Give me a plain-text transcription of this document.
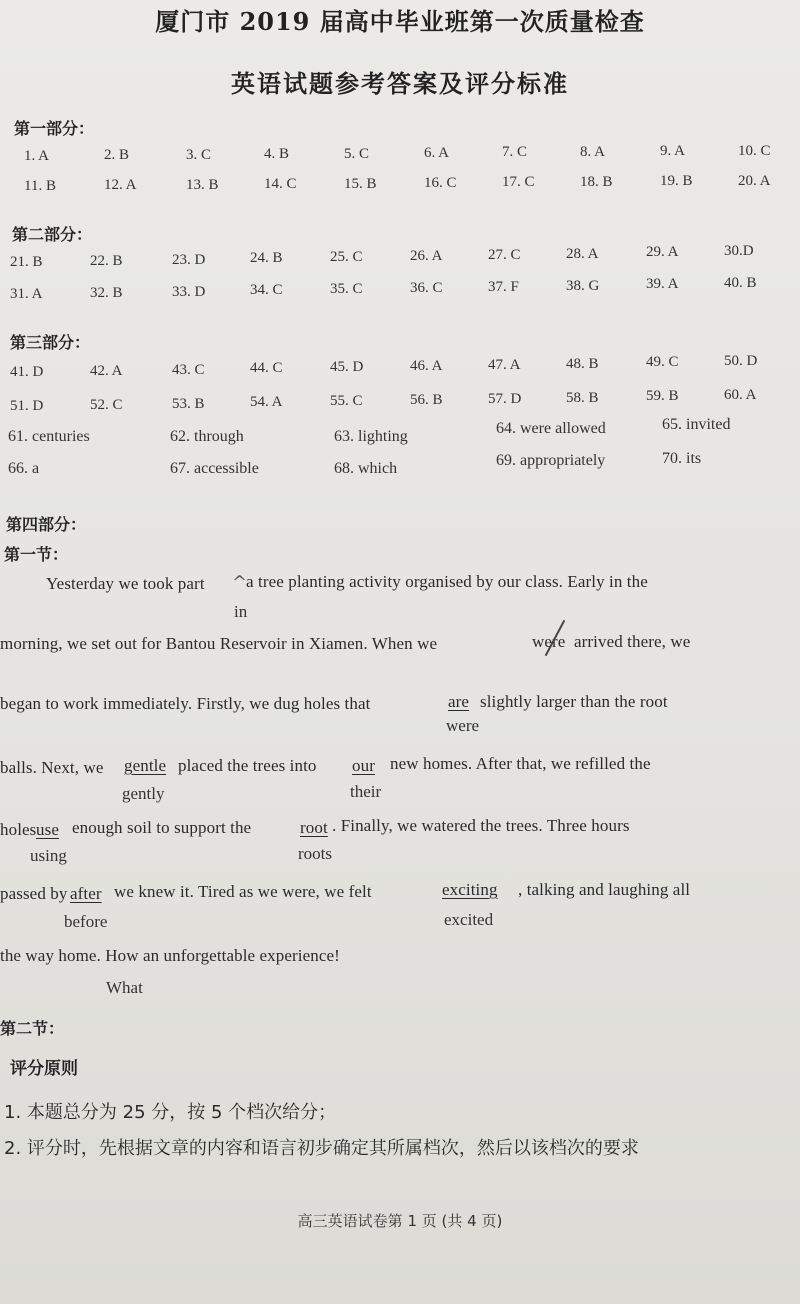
厦门市 2019 届高中毕业班第一次质量检查
英语试题参考答案及评分标准
第一部分：
1. A	2. B	3. C	4. B	5. C	6. A	7. C	8. A	9. A	10. C
11. B	12. A	13. B	14. C	15. B	16. C	17. C	18. B	19. B	20. A
第二部分：
21. B	22. B	23. D	24. B	25. C	26. A	27. C	28. A	29. A	30.D
31. A	32. B	33. D	34. C	35. C	36. C	37. F	38. G	39. A	40. B
第三部分：
41. D	42. A	43. C	44. C	45. D	46. A	47. A	48. B	49. C	50. D
51. D	52. C	53. B	54. A	55. C	56. B	57. D	58. B	59. B	60. A
61. centuries	62. through	63. lighting	64. were allowed	65. invited
66. a	67. accessible	68. which	69. appropriately	70. its
第四部分：
第一节：
Yesterday we took part ^
a tree planting activity organised by our class. Early in the
in
morning, we set out for Bantou Reservoir in Xiamen. When we	were arrived there, we
began to work immediately. Firstly, we dug holes that	are slightly larger than the root
were
balls. Next, we gentle placed the trees into our new homes. After that, we refilled the
gently	their
holes use enough soil to support the	root . Finally, we watered the trees. Three hours
using	roots
passed by after we knew it. Tired as we were, we felt	exciting , talking and laughing all
before	excited
the way home. How an unforgettable experience!
What
第二节：
评分原则
1. 本题总分为 25 分，按 5 个档次给分；
2. 评分时，先根据文章的内容和语言初步确定其所属档次，然后以该档次的要求
高三英语试卷第 1 页 (共 4 页)
